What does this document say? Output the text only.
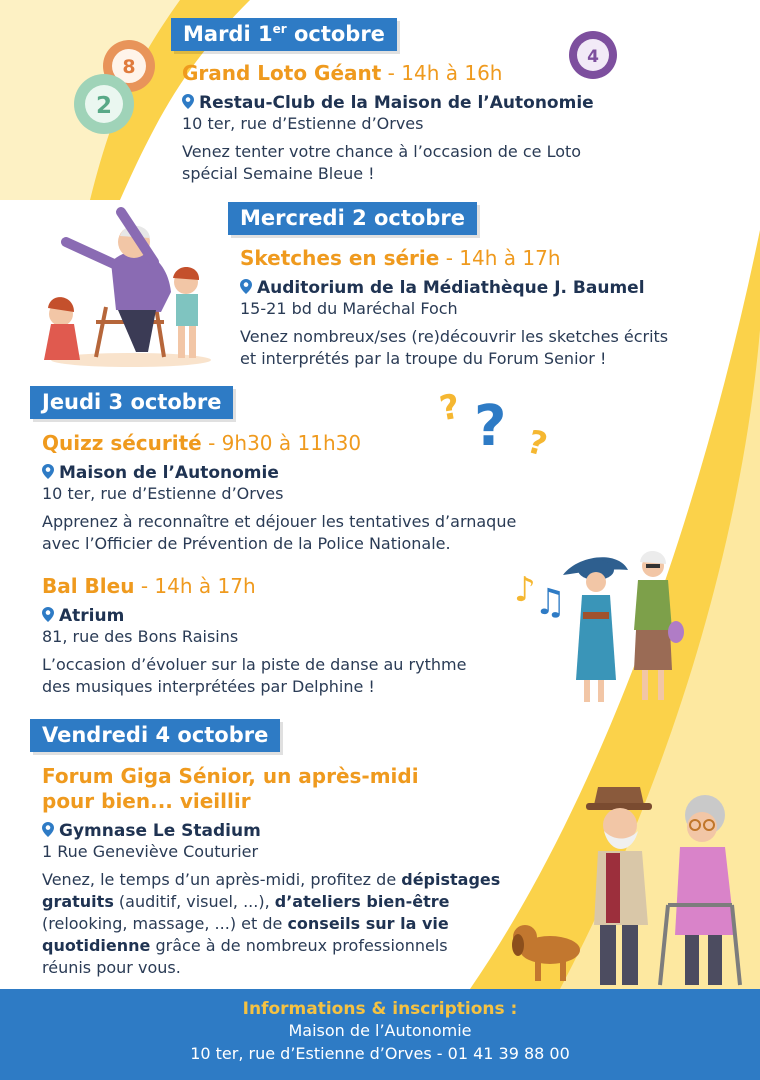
8
2
4
? ? ?
♪
♫
Mardi 1er octobre
Grand Loto Géant - 14h à 16h
Restau-Club de la Maison de l’Autonomie
10 ter, rue d’Estienne d’Orves
Venez tenter votre chance à l’occasion de ce Loto
spécial Semaine Bleue !
Mercredi 2 octobre
Sketches en série - 14h à 17h
Auditorium de la Médiathèque J. Baumel
15-21 bd du Maréchal Foch
Venez nombreux/ses (re)découvrir les sketches écrits
et interprétés par la troupe du Forum Senior !
Jeudi 3 octobre
Quizz sécurité - 9h30 à 11h30
Maison de l’Autonomie
10 ter, rue d’Estienne d’Orves
Apprenez à reconnaître et déjouer les tentatives d’arnaque
avec l’Officier de Prévention de la Police Nationale.
Bal Bleu - 14h à 17h
Atrium
81, rue des Bons Raisins
L’occasion d’évoluer sur la piste de danse au rythme
des musiques interprétées par Delphine !
Vendredi 4 octobre
Forum Giga Sénior, un après-midi
pour bien... vieillir
Gymnase Le Stadium
1 Rue Geneviève Couturier
Venez, le temps d’un après-midi, profitez de dépistages
gratuits (auditif, visuel, ...), d’ateliers bien-être
(relooking, massage, ...) et de conseils sur la vie
quotidienne grâce à de nombreux professionnels
réunis pour vous.
Informations & inscriptions :
Maison de l’Autonomie
10 ter, rue d’Estienne d’Orves - 01 41 39 88 00
